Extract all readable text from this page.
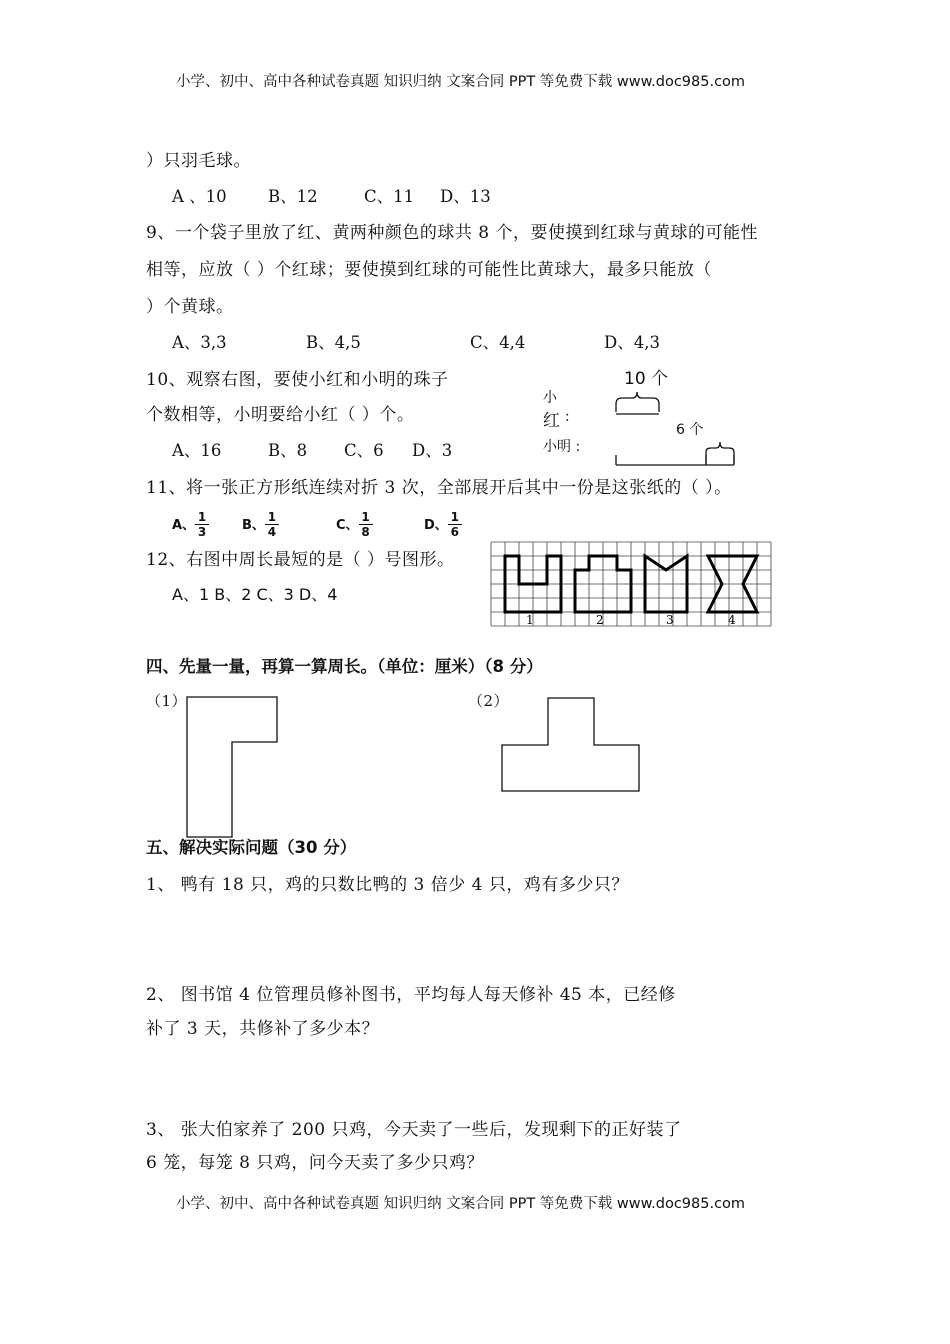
小学、初中、高中各种试卷真题 知识归纳 文案合同 PPT 等免费下载 www.doc985.com
）只羽毛球。
A 、10	B、12	C、11 D、13
9、一个袋子里放了红、黄两种颜色的球共 8 个，要使摸到红球与黄球的可能性
相等，应放（ ）个红球；要使摸到红球的可能性比黄球大，最多只能放（
）个黄球。
A、3,3	B、4,5	C、4,4	D、4,3
10、观察右图，要使小红和小明的珠子
个数相等，小明要给小红（ ）个。
A、16	B、8 C、6 D、3
10 个
小
红 :
小明 :
6 个
11、将一张正方形纸连续对折 3 次，全部展开后其中一份是这张纸的（ ）。
A、 $\frac{1}{3}$	B、 $\frac{1}{4}$	C、 $\frac{1}{8}$	D、 $\frac{1}{6}$
12、右图中周长最短的是（ ）号图形。
A、1 B、2 C、3 D、4
1	2	3	4
四、先量一量，再算一算周长。（单位：厘米）（8 分）
（1）	（2）
五、解决实际问题（30 分）
1、 鸭有 18 只，鸡的只数比鸭的 3 倍少 4 只，鸡有多少只？
2、 图书馆 4 位管理员修补图书，平均每人每天修补 45 本，已经修
补了 3 天，共修补了多少本？
3、 张大伯家养了 200 只鸡，今天卖了一些后，发现剩下的正好装了
6 笼，每笼 8 只鸡，问今天卖了多少只鸡？
小学、初中、高中各种试卷真题 知识归纳 文案合同 PPT 等免费下载 www.doc985.com
